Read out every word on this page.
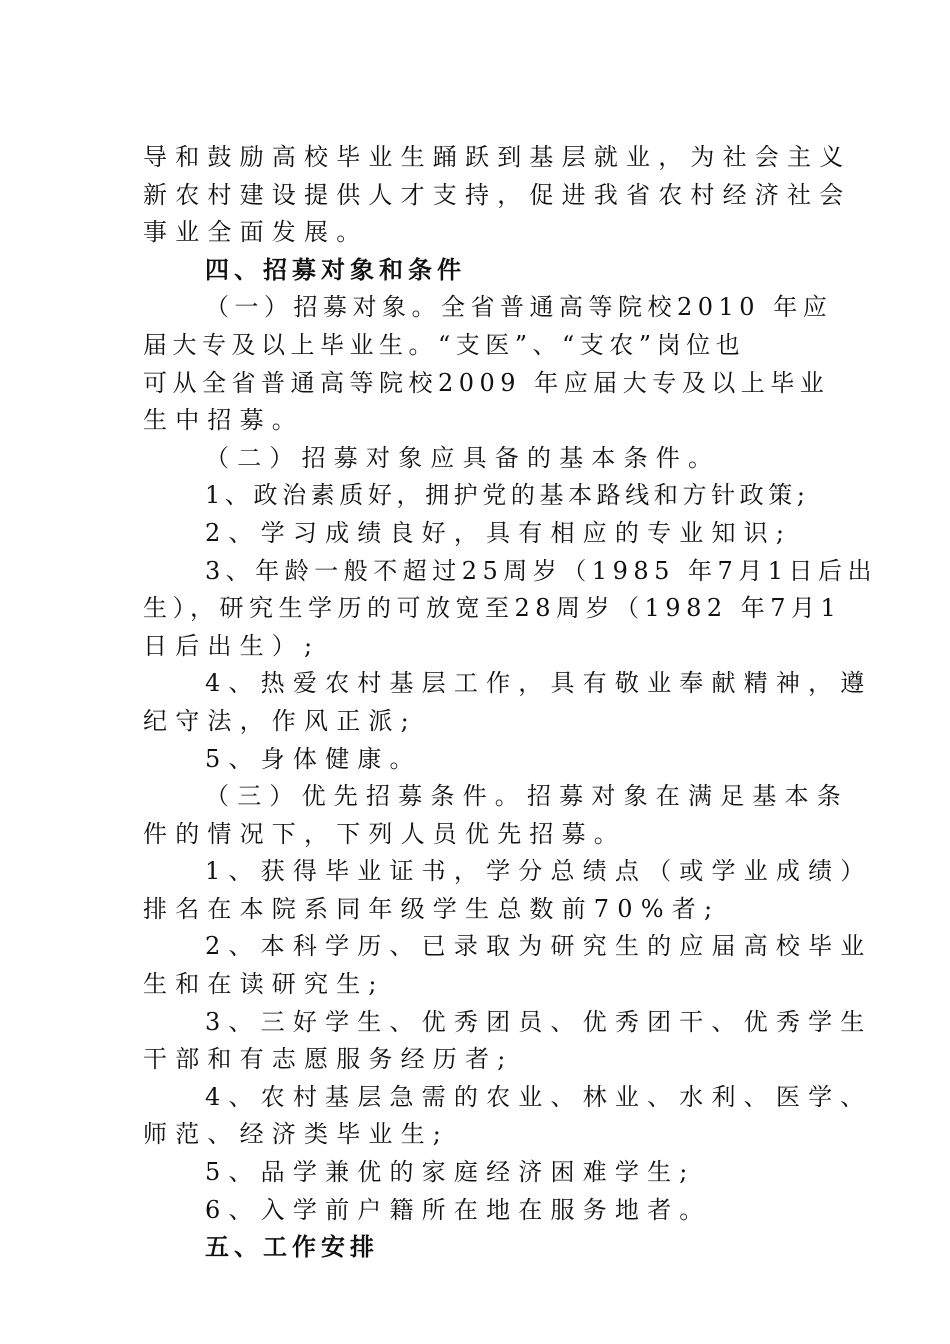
导和鼓励高校毕业生踊跃到基层就业，为社会主义
新农村建设提供人才支持，促进我省农村经济社会
事业全面发展。
四、招募对象和条件
（一）招募对象。全省普通高等院校2010 年应
届大专及以上毕业生。“支医”、“支农”岗位也
可从全省普通高等院校2009 年应届大专及以上毕业
生中招募。
（二）招募对象应具备的基本条件。
1、政治素质好，拥护党的基本路线和方针政策;
2、学习成绩良好，具有相应的专业知识;
3、年龄一般不超过25周岁（1985 年7月1日后出
生），研究生学历的可放宽至28周岁（1982 年7月1
日后出生）;
4、热爱农村基层工作，具有敬业奉献精神，遵
纪守法，作风正派;
5、身体健康。
（三）优先招募条件。招募对象在满足基本条
件的情况下，下列人员优先招募。
1、获得毕业证书，学分总绩点（或学业成绩）
排名在本院系同年级学生总数前70%者;
2、本科学历、已录取为研究生的应届高校毕业
生和在读研究生;
3、三好学生、优秀团员、优秀团干、优秀学生
干部和有志愿服务经历者;
4、农村基层急需的农业、林业、水利、医学、
师范、经济类毕业生;
5、品学兼优的家庭经济困难学生;
6、入学前户籍所在地在服务地者。
五、工作安排
